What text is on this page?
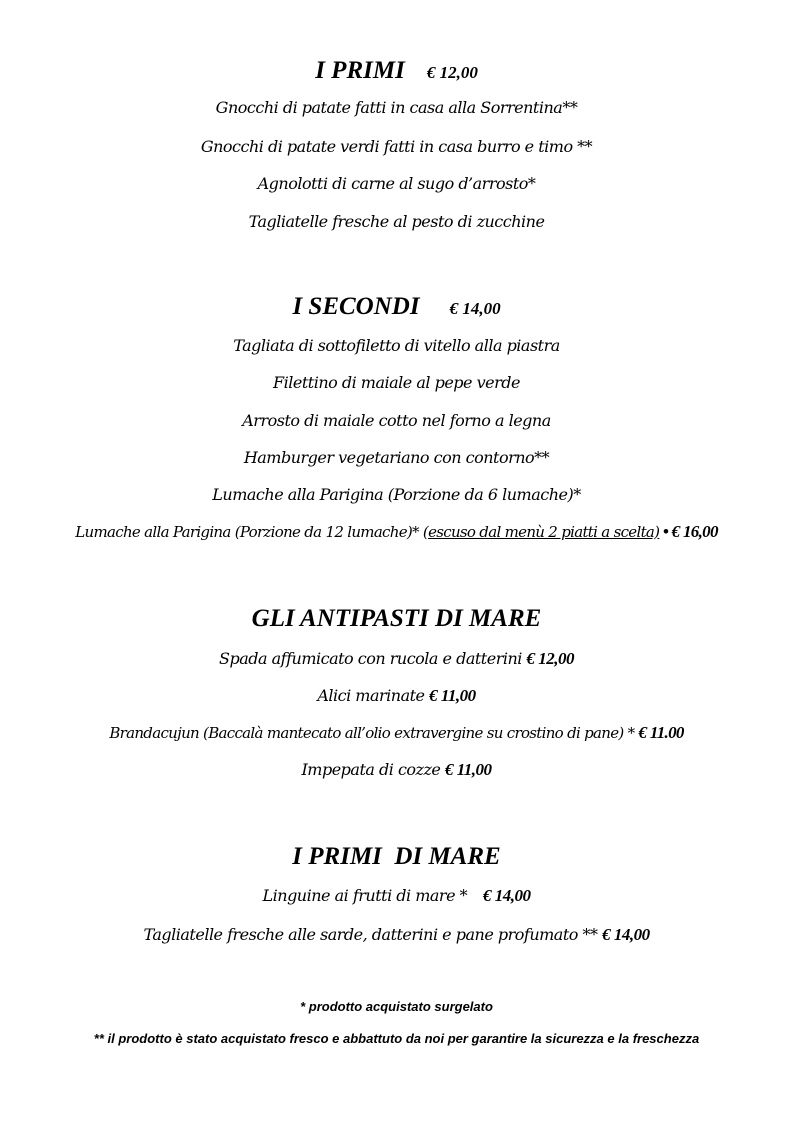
I PRIMI € 12,00
Gnocchi di patate fatti in casa alla Sorrentina**
Gnocchi di patate verdi fatti in casa burro e timo **
Agnolotti di carne al sugo d’arrosto*
Tagliatelle fresche al pesto di zucchine
I SECONDI € 14,00
Tagliata di sottofiletto di vitello alla piastra
Filettino di maiale al pepe verde
Arrosto di maiale cotto nel forno a legna
Hamburger vegetariano con contorno**
Lumache alla Parigina (Porzione da 6 lumache)*
Lumache alla Parigina (Porzione da 12 lumache)* (escuso dal menù 2 piatti a scelta) • € 16,00
GLI ANTIPASTI DI MARE
Spada affumicato con rucola e datterini € 12,00
Alici marinate € 11,00
Brandacujun (Baccalà mantecato all’olio extravergine su crostino di pane) * € 11.00
Impepata di cozze € 11,00
I PRIMI  DI MARE
Linguine ai frutti di mare *    € 14,00
Tagliatelle fresche alle sarde, datterini e pane profumato ** € 14,00
* prodotto acquistato surgelato
** il prodotto è stato acquistato fresco e abbattuto da noi per garantire la sicurezza e la freschezza
